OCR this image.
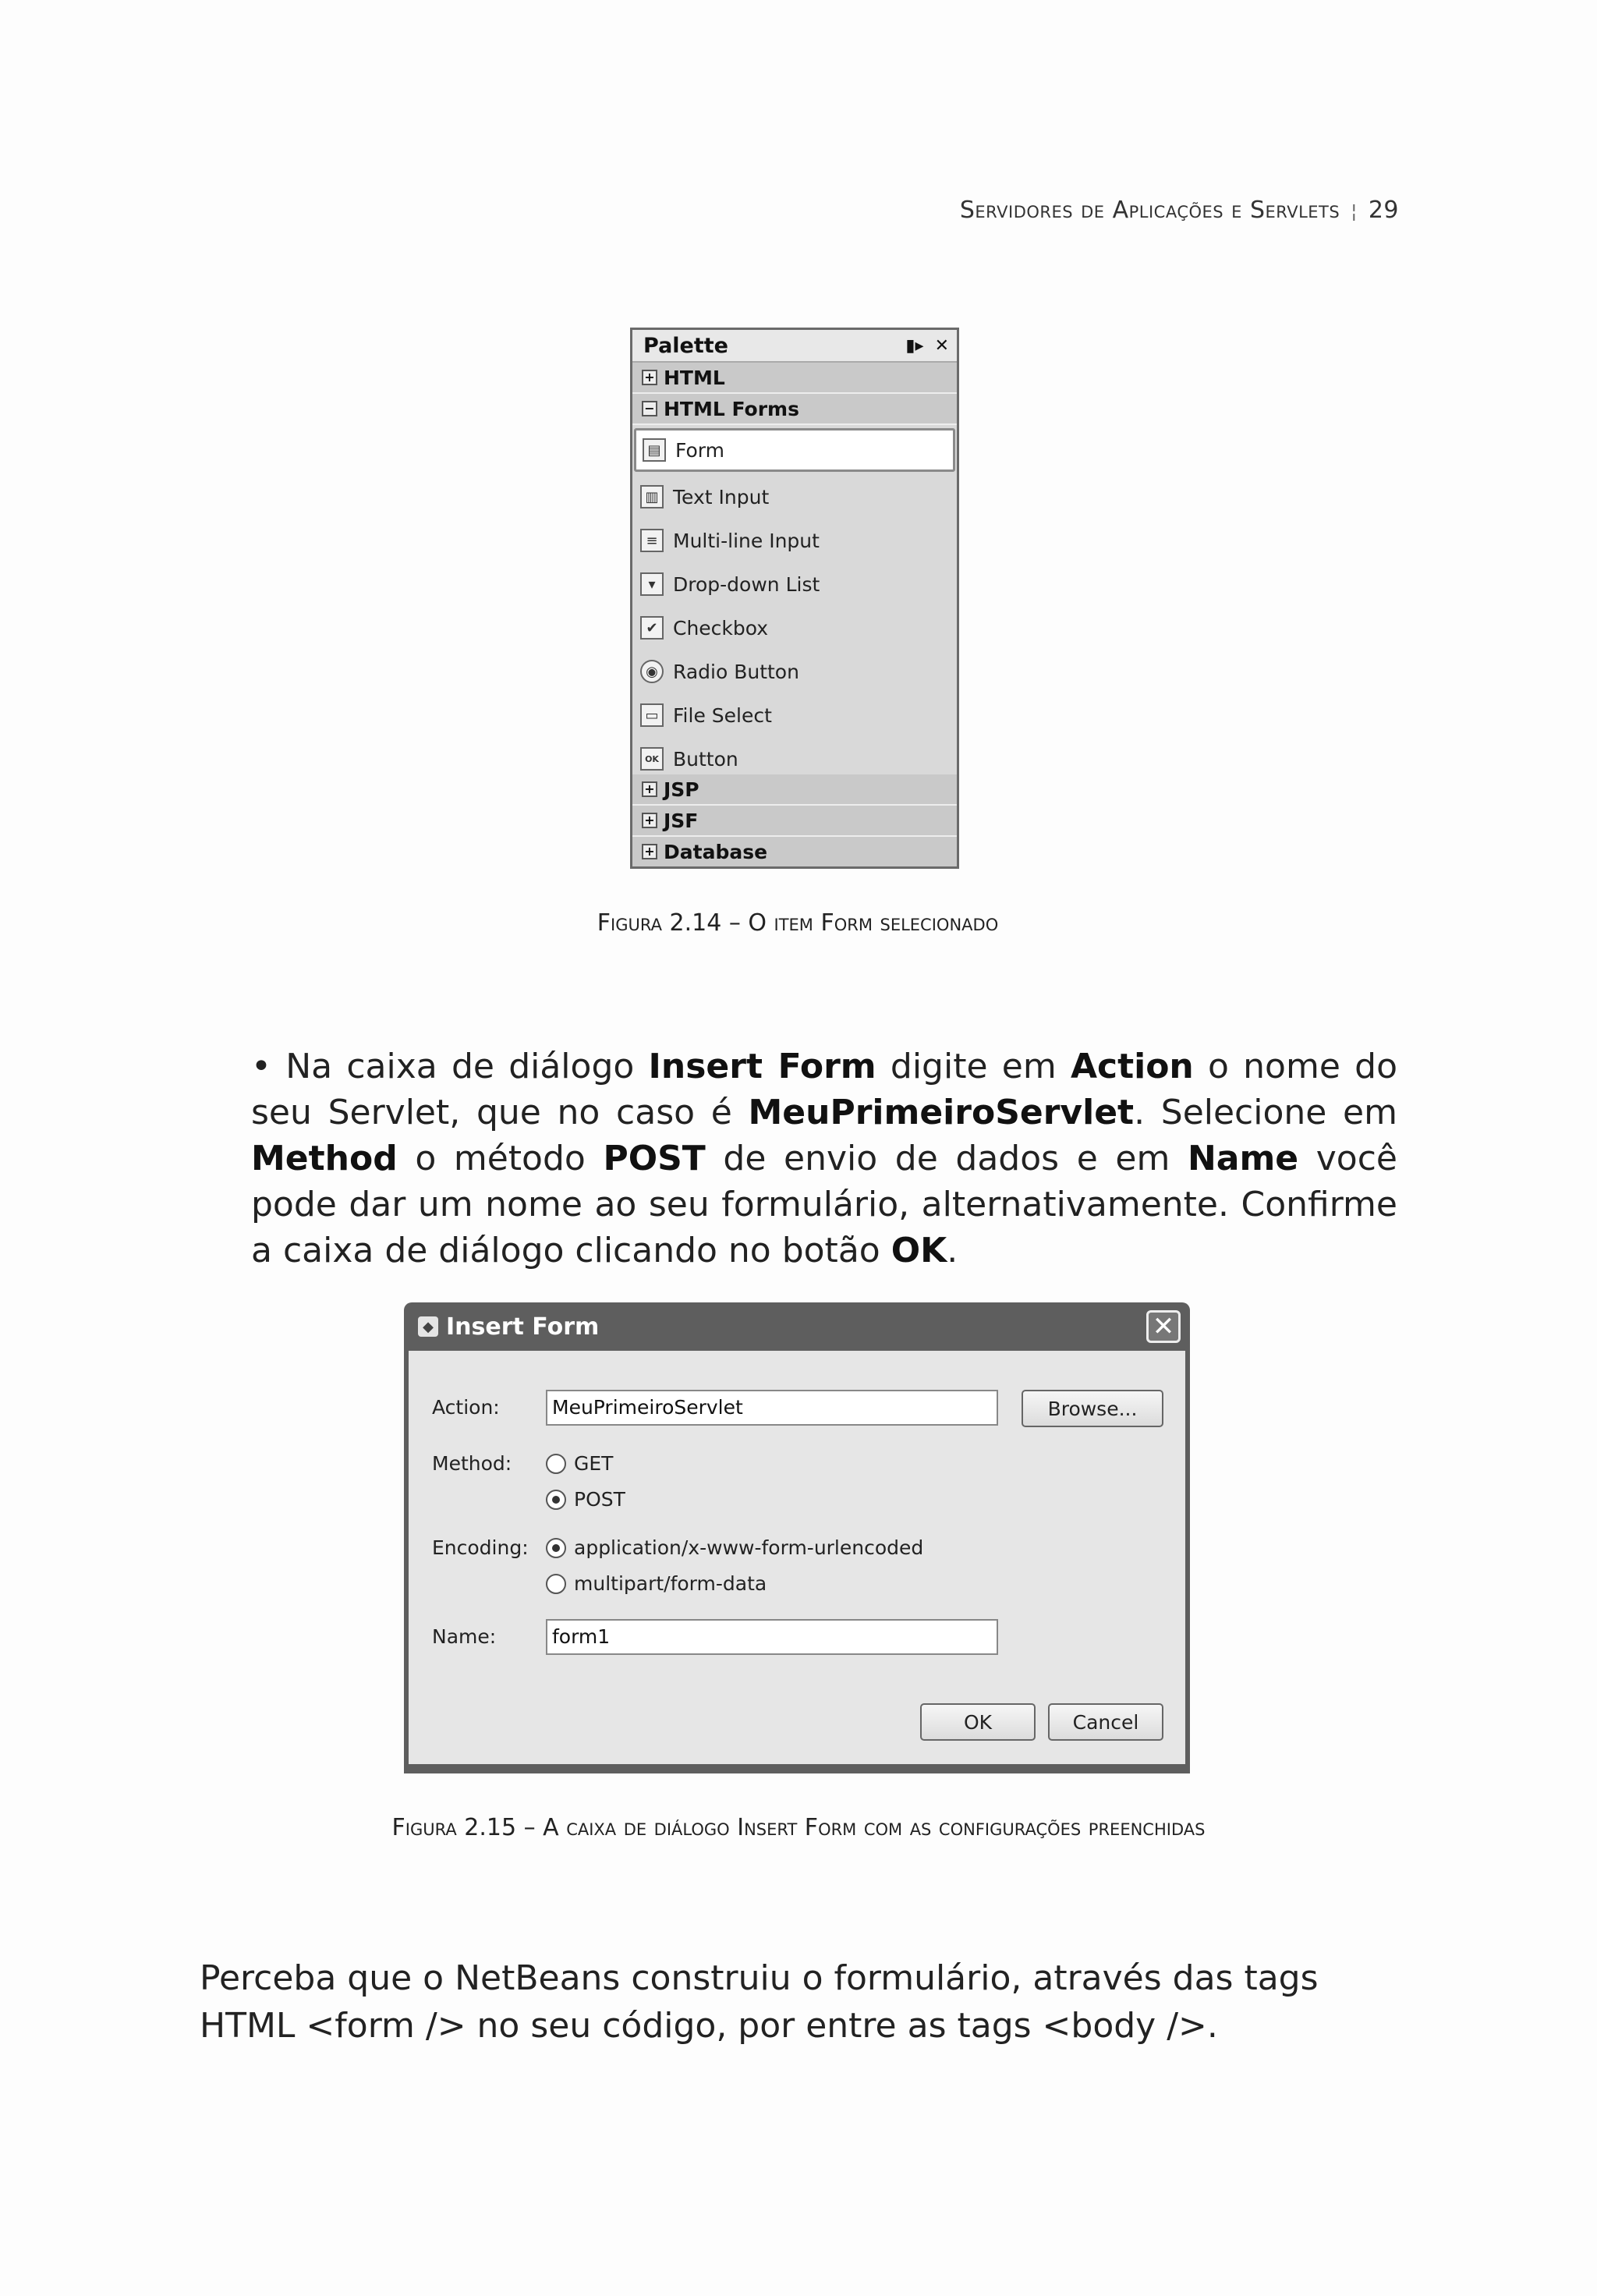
Servidores de Aplicações e Servlets ¦ 29
Palette	▮▸ ✕
+ HTML
− HTML Forms
▤ Form
▥ Text Input
≡ Multi-line Input
▾ Drop-down List
✔ Checkbox
◉ Radio Button
▭ File Select
OK Button
+ JSP
+ JSF
+ Database
Figura 2.14 – O item Form selecionado
• Na caixa de diálogo Insert Form digite em Action o nome do seu Servlet, que no caso é MeuPrimeiroServlet. Selecione em Method o método POST de envio de dados e em Name você pode dar um nome ao seu formulário, alternativamente. Confirme a caixa de diálogo clicando no botão OK.
◆ Insert Form	✕
Action:	MeuPrimeiroServlet	Browse...
Method:	GET
POST
Encoding: application/x-www-form-urlencoded
multipart/form-data
Name:	form1
OK	Cancel
Figura 2.15 – A caixa de diálogo Insert Form com as configurações preenchidas
Perceba que o NetBeans construiu o formulário, através das tags HTML <form /> no seu código, por entre as tags <body />.
